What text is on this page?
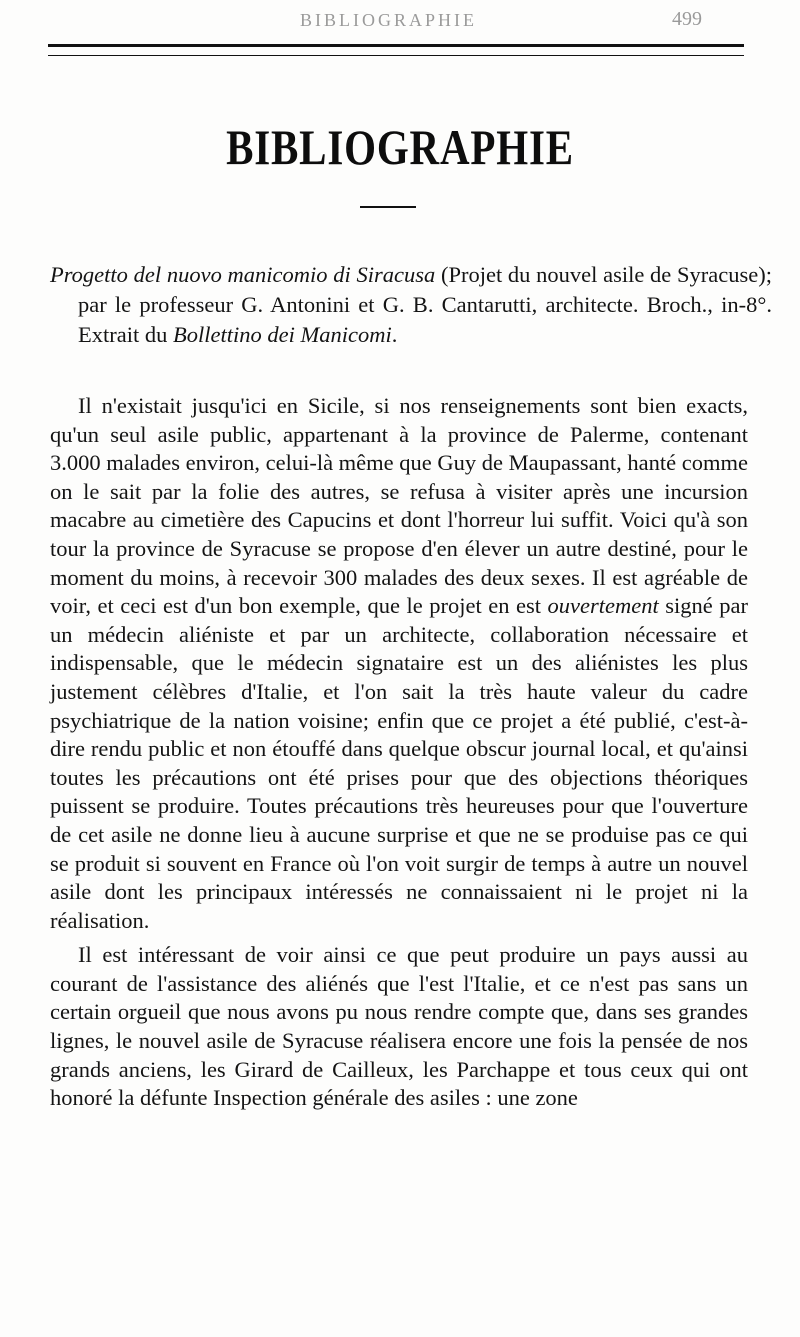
BIBLIOGRAPHIE	499
BIBLIOGRAPHIE
Progetto del nuovo manicomio di Siracusa (Projet du nouvel asile de Syracuse); par le professeur G. Antonini et G. B. Cantarutti, architecte. Broch., in-8°. Extrait du Bollettino dei Manicomi.

Il n'existait jusqu'ici en Sicile, si nos renseignements sont bien exacts, qu'un seul asile public, appartenant à la province de Palerme, contenant 3.000 malades environ, celui-là même que Guy de Maupassant, hanté comme on le sait par la folie des autres, se refusa à visiter après une incursion macabre au cimetière des Capucins et dont l'horreur lui suffit. Voici qu'à son tour la province de Syracuse se propose d'en élever un autre destiné, pour le moment du moins, à recevoir 300 malades des deux sexes. Il est agréable de voir, et ceci est d'un bon exemple, que le projet en est ouvertement signé par un médecin aliéniste et par un architecte, collaboration nécessaire et indispensable, que le médecin signataire est un des aliénistes les plus justement célèbres d'Italie, et l'on sait la très haute valeur du cadre psychiatrique de la nation voisine; enfin que ce projet a été publié, c'est-à-dire rendu public et non étouffé dans quelque obscur journal local, et qu'ainsi toutes les précautions ont été prises pour que des objections théoriques puissent se produire. Toutes précautions très heureuses pour que l'ouverture de cet asile ne donne lieu à aucune surprise et que ne se produise pas ce qui se produit si souvent en France où l'on voit surgir de temps à autre un nouvel asile dont les principaux intéressés ne connaissaient ni le projet ni la réalisation.

Il est intéressant de voir ainsi ce que peut produire un pays aussi au courant de l'assistance des aliénés que l'est l'Italie, et ce n'est pas sans un certain orgueil que nous avons pu nous rendre compte que, dans ses grandes lignes, le nouvel asile de Syracuse réalisera encore une fois la pensée de nos grands anciens, les Girard de Cailleux, les Parchappe et tous ceux qui ont honoré la défunte Inspection générale des asiles : une zone
